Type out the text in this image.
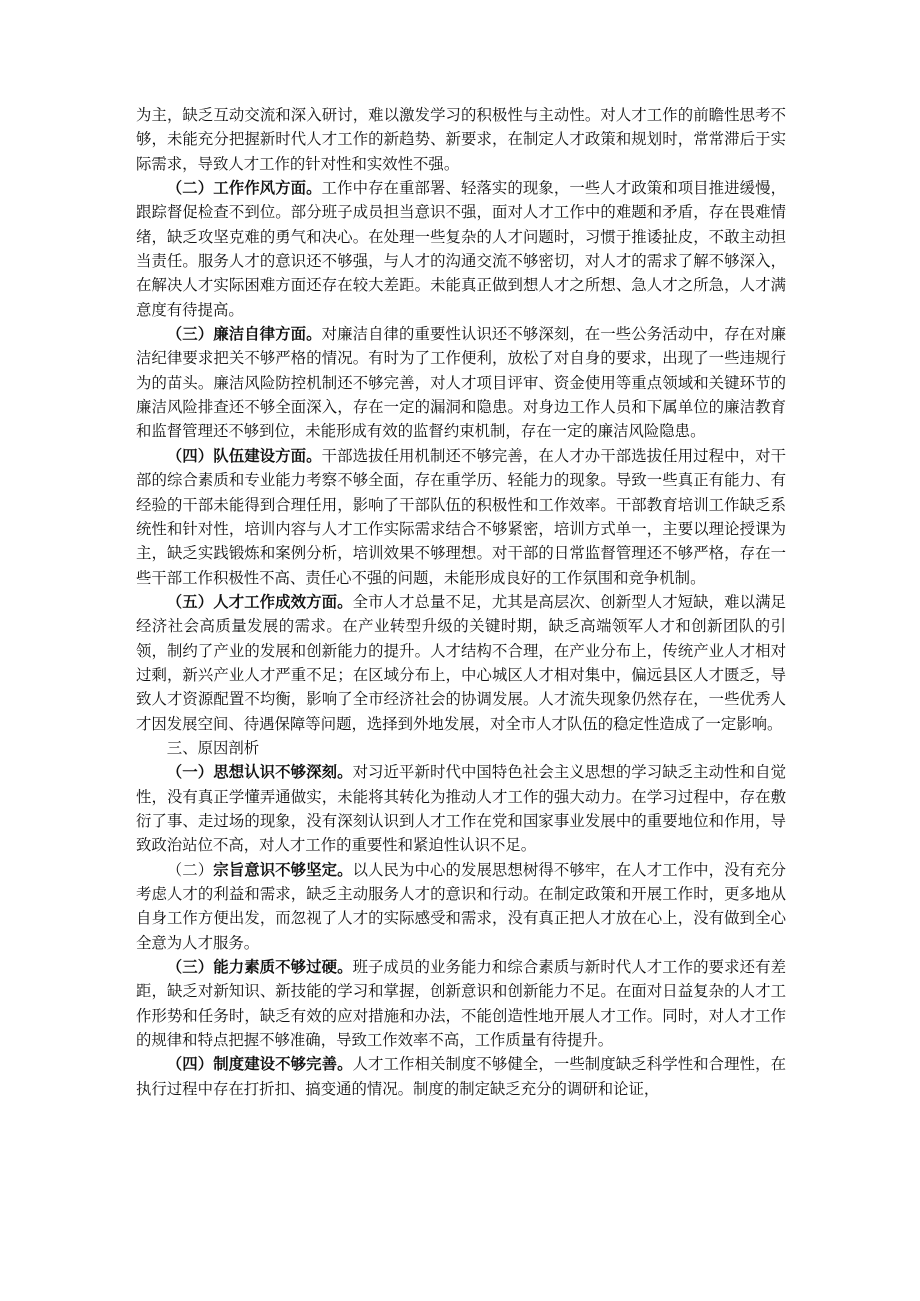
为主，缺乏互动交流和深入研讨，难以激发学习的积极性与主动性。对人才工作的前瞻性思考不够，未能充分把握新时代人才工作的新趋势、新要求，在制定人才政策和规划时，常常滞后于实际需求，导致人才工作的针对性和实效性不强。

（二）工作作风方面。工作中存在重部署、轻落实的现象，一些人才政策和项目推进缓慢，跟踪督促检查不到位。部分班子成员担当意识不强，面对人才工作中的难题和矛盾，存在畏难情绪，缺乏攻坚克难的勇气和决心。在处理一些复杂的人才问题时，习惯于推诿扯皮，不敢主动担当责任。服务人才的意识还不够强，与人才的沟通交流不够密切，对人才的需求了解不够深入，在解决人才实际困难方面还存在较大差距。未能真正做到想人才之所想、急人才之所急，人才满意度有待提高。

（三）廉洁自律方面。对廉洁自律的重要性认识还不够深刻，在一些公务活动中，存在对廉洁纪律要求把关不够严格的情况。有时为了工作便利，放松了对自身的要求，出现了一些违规行为的苗头。廉洁风险防控机制还不够完善，对人才项目评审、资金使用等重点领域和关键环节的廉洁风险排查还不够全面深入，存在一定的漏洞和隐患。对身边工作人员和下属单位的廉洁教育和监督管理还不够到位，未能形成有效的监督约束机制，存在一定的廉洁风险隐患。

（四）队伍建设方面。干部选拔任用机制还不够完善，在人才办干部选拔任用过程中，对干部的综合素质和专业能力考察不够全面，存在重学历、轻能力的现象。导致一些真正有能力、有经验的干部未能得到合理任用，影响了干部队伍的积极性和工作效率。干部教育培训工作缺乏系统性和针对性，培训内容与人才工作实际需求结合不够紧密，培训方式单一，主要以理论授课为主，缺乏实践锻炼和案例分析，培训效果不够理想。对干部的日常监督管理还不够严格，存在一些干部工作积极性不高、责任心不强的问题，未能形成良好的工作氛围和竞争机制。

（五）人才工作成效方面。全市人才总量不足，尤其是高层次、创新型人才短缺，难以满足经济社会高质量发展的需求。在产业转型升级的关键时期，缺乏高端领军人才和创新团队的引领，制约了产业的发展和创新能力的提升。人才结构不合理，在产业分布上，传统产业人才相对过剩，新兴产业人才严重不足；在区域分布上，中心城区人才相对集中，偏远县区人才匮乏，导致人才资源配置不均衡，影响了全市经济社会的协调发展。人才流失现象仍然存在，一些优秀人才因发展空间、待遇保障等问题，选择到外地发展，对全市人才队伍的稳定性造成了一定影响。

三、原因剖析

（一）思想认识不够深刻。对习近平新时代中国特色社会主义思想的学习缺乏主动性和自觉性，没有真正学懂弄通做实，未能将其转化为推动人才工作的强大动力。在学习过程中，存在敷衍了事、走过场的现象，没有深刻认识到人才工作在党和国家事业发展中的重要地位和作用，导致政治站位不高，对人才工作的重要性和紧迫性认识不足。

（二）宗旨意识不够坚定。以人民为中心的发展思想树得不够牢，在人才工作中，没有充分考虑人才的利益和需求，缺乏主动服务人才的意识和行动。在制定政策和开展工作时，更多地从自身工作方便出发，而忽视了人才的实际感受和需求，没有真正把人才放在心上，没有做到全心全意为人才服务。

（三）能力素质不够过硬。班子成员的业务能力和综合素质与新时代人才工作的要求还有差距，缺乏对新知识、新技能的学习和掌握，创新意识和创新能力不足。在面对日益复杂的人才工作形势和任务时，缺乏有效的应对措施和办法，不能创造性地开展人才工作。同时，对人才工作的规律和特点把握不够准确，导致工作效率不高，工作质量有待提升。

（四）制度建设不够完善。人才工作相关制度不够健全，一些制度缺乏科学性和合理性，在执行过程中存在打折扣、搞变通的情况。制度的制定缺乏充分的调研和论证，
